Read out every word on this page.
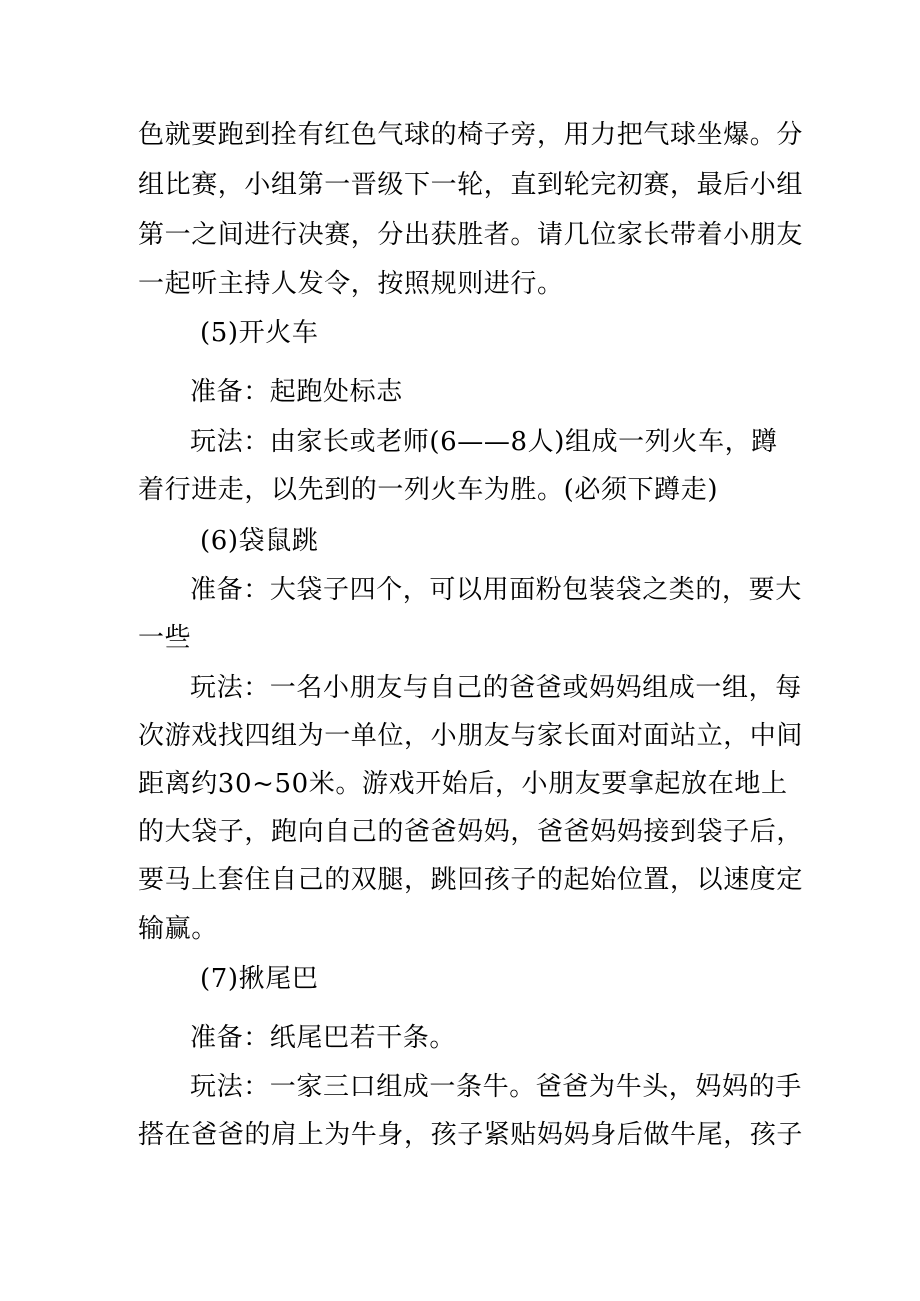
色就要跑到拴有红色气球的椅子旁，用力把气球坐爆。分
组比赛，小组第一晋级下一轮，直到轮完初赛，最后小组
第一之间进行决赛，分出获胜者。请几位家长带着小朋友
一起听主持人发令，按照规则进行。
(5)开火车
准备：起跑处标志
玩法：由家长或老师(6——8人)组成一列火车，蹲
着行进走，以先到的一列火车为胜。(必须下蹲走)
(6)袋鼠跳
准备：大袋子四个，可以用面粉包装袋之类的，要大
一些
玩法：一名小朋友与自己的爸爸或妈妈组成一组，每
次游戏找四组为一单位，小朋友与家长面对面站立，中间
距离约30~50米。游戏开始后，小朋友要拿起放在地上
的大袋子，跑向自己的爸爸妈妈，爸爸妈妈接到袋子后，
要马上套住自己的双腿，跳回孩子的起始位置，以速度定
输赢。
(7)揪尾巴
准备：纸尾巴若干条。
玩法：一家三口组成一条牛。爸爸为牛头，妈妈的手
搭在爸爸的肩上为牛身，孩子紧贴妈妈身后做牛尾，孩子
